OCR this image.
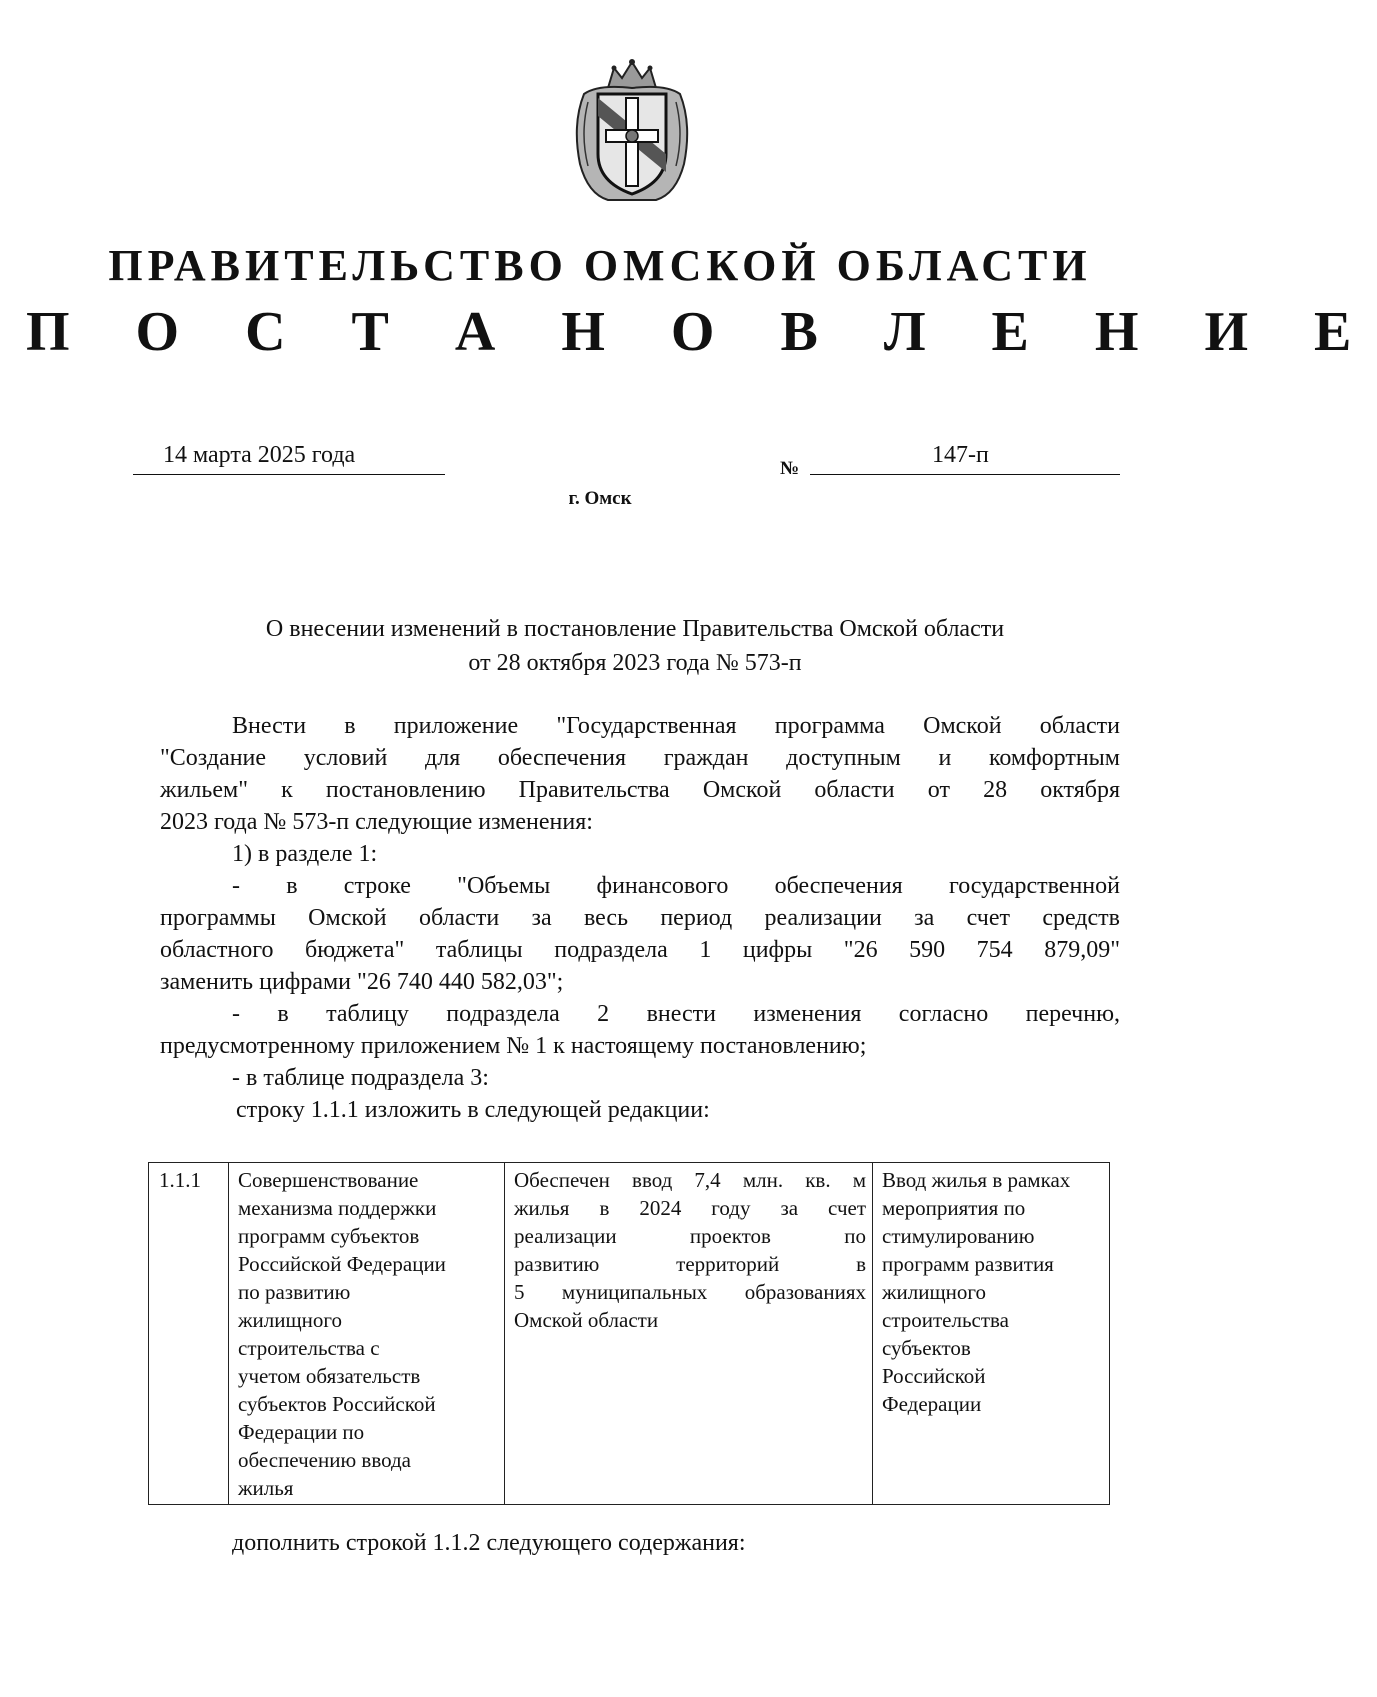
ПРАВИТЕЛЬСТВО ОМСКОЙ ОБЛАСТИ
П О С Т А Н О В Л Е Н И Е
14 марта 2025 года
№
147-п
г. Омск
О внесении изменений в постановление Правительства Омской области
от 28 октября 2023 года № 573-п
Внести в приложение "Государственная программа Омской области
"Создание условий для обеспечения граждан доступным и комфортным
жильем" к постановлению Правительства Омской области от 28 октября
2023 года № 573-п следующие изменения:
1) в разделе 1:
- в строке "Объемы финансового обеспечения государственной
программы Омской области за весь период реализации за счет средств
областного бюджета" таблицы подраздела 1 цифры "26 590 754 879,09"
заменить цифрами "26 740 440 582,03";
- в таблицу подраздела 2 внести изменения согласно перечню,
предусмотренному приложением № 1 к настоящему постановлению;
- в таблице подраздела 3:
строку 1.1.1 изложить в следующей редакции:
1.1.1	Совершенствование
механизма поддержки
программ субъектов
Российской Федерации
по развитию
жилищного
строительства с
учетом обязательств
субъектов Российской
Федерации по
обеспечению ввода
жилья

Обеспечен ввод 7,4 млн. кв. м
жилья в 2024 году за счет
реализации проектов по
развитию территорий в
5 муниципальных образованиях
Омской области

Ввод жилья в рамках
мероприятия по
стимулированию
программ развития
жилищного
строительства
субъектов
Российской
Федерации
дополнить строкой 1.1.2 следующего содержания:
